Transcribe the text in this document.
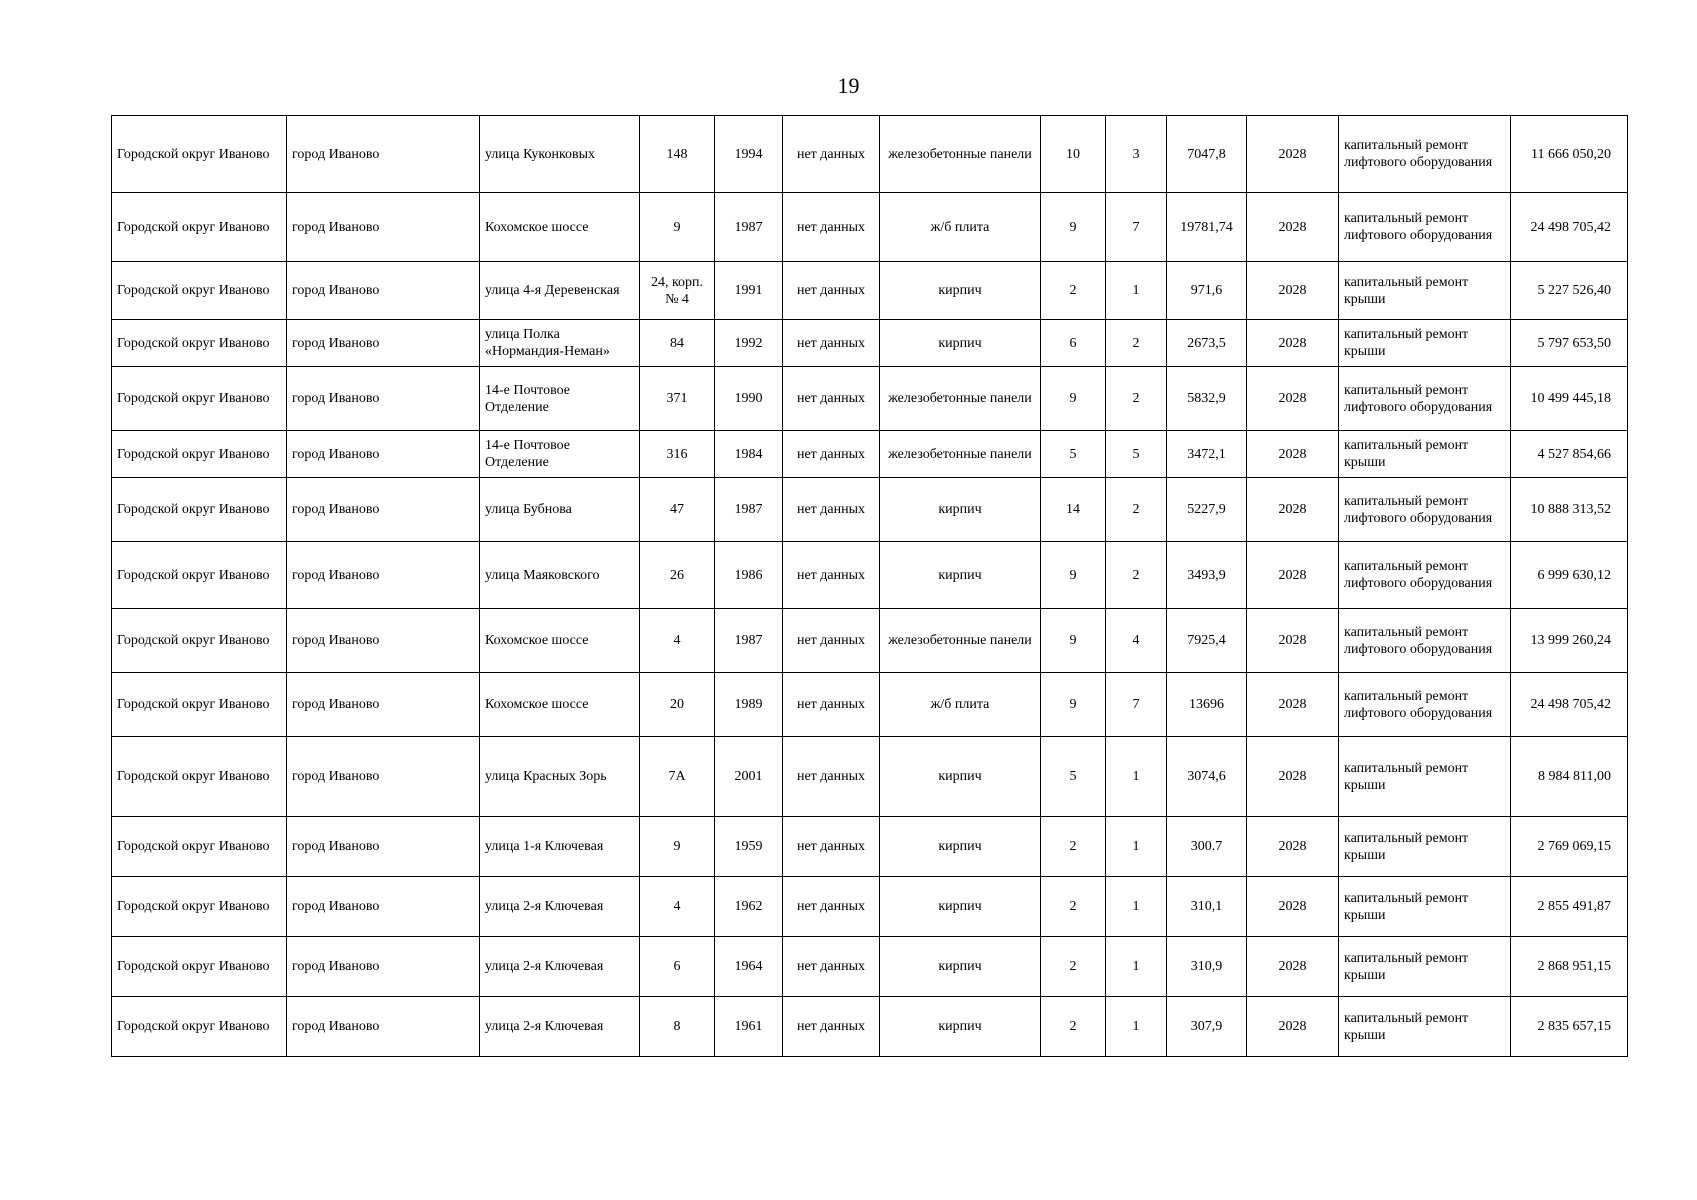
19
Городской округ Иваново	город Иваново	улица Куконковых	148	1994	нет данных	железобетонные панели	10	3	7047,8	2028	капитальный ремонт лифтового оборудования	11 666 050,20
Городской округ Иваново	город Иваново	Кохомское шоссе	9	1987	нет данных	ж/б плита	9	7	19781,74	2028	капитальный ремонт лифтового оборудования	24 498 705,42
Городской округ Иваново	город Иваново	улица 4-я Деревенская	24, корп. № 4	1991	нет данных	кирпич	2	1	971,6	2028	капитальный ремонт крыши	5 227 526,40
Городской округ Иваново	город Иваново	улица Полка «Нормандия-Неман»	84	1992	нет данных	кирпич	6	2	2673,5	2028	капитальный ремонт крыши	5 797 653,50
Городской округ Иваново	город Иваново	14-е Почтовое Отделение	371	1990	нет данных	железобетонные панели	9	2	5832,9	2028	капитальный ремонт лифтового оборудования	10 499 445,18
Городской округ Иваново	город Иваново	14-е Почтовое Отделение	316	1984	нет данных	железобетонные панели	5	5	3472,1	2028	капитальный ремонт крыши	4 527 854,66
Городской округ Иваново	город Иваново	улица Бубнова	47	1987	нет данных	кирпич	14	2	5227,9	2028	капитальный ремонт лифтового оборудования	10 888 313,52
Городской округ Иваново	город Иваново	улица Маяковского	26	1986	нет данных	кирпич	9	2	3493,9	2028	капитальный ремонт лифтового оборудования	6 999 630,12
Городской округ Иваново	город Иваново	Кохомское шоссе	4	1987	нет данных	железобетонные панели	9	4	7925,4	2028	капитальный ремонт лифтового оборудования	13 999 260,24
Городской округ Иваново	город Иваново	Кохомское шоссе	20	1989	нет данных	ж/б плита	9	7	13696	2028	капитальный ремонт лифтового оборудования	24 498 705,42
Городской округ Иваново	город Иваново	улица Красных Зорь	7А	2001	нет данных	кирпич	5	1	3074,6	2028	капитальный ремонт крыши	8 984 811,00
Городской округ Иваново	город Иваново	улица 1-я Ключевая	9	1959	нет данных	кирпич	2	1	300.7	2028	капитальный ремонт крыши	2 769 069,15
Городской округ Иваново	город Иваново	улица 2-я Ключевая	4	1962	нет данных	кирпич	2	1	310,1	2028	капитальный ремонт крыши	2 855 491,87
Городской округ Иваново	город Иваново	улица 2-я Ключевая	6	1964	нет данных	кирпич	2	1	310,9	2028	капитальный ремонт крыши	2 868 951,15
Городской округ Иваново	город Иваново	улица 2-я Ключевая	8	1961	нет данных	кирпич	2	1	307,9	2028	капитальный ремонт крыши	2 835 657,15
